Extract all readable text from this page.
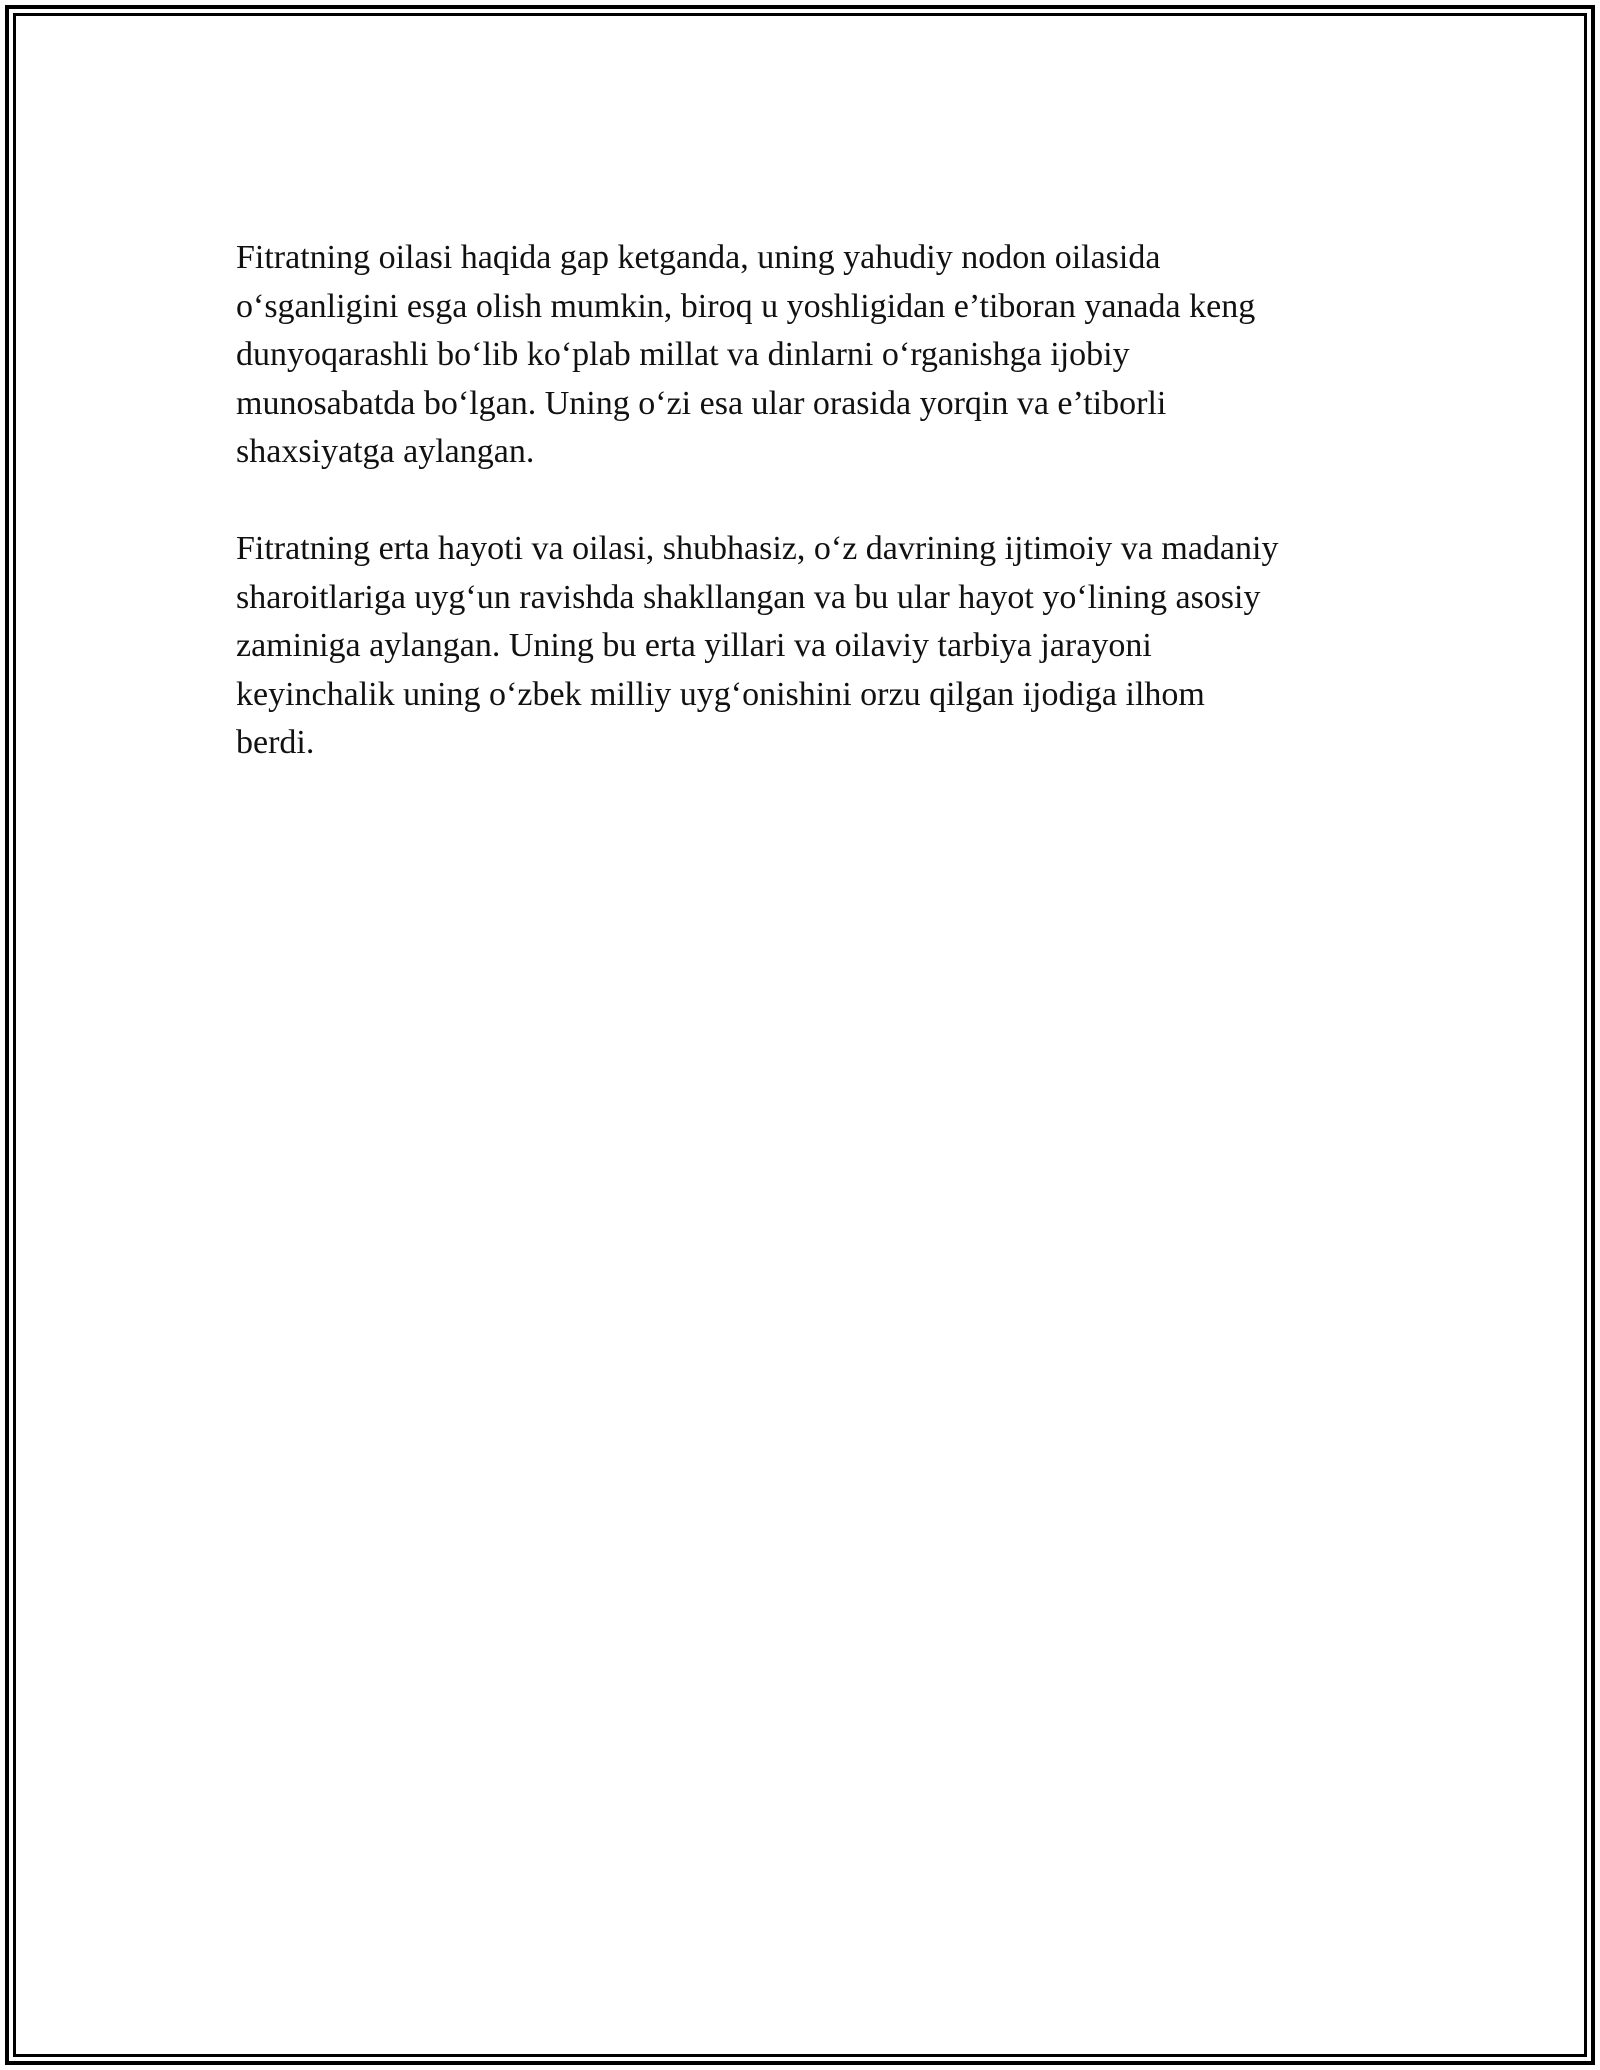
Fitratning oilasi haqida gap ketganda, uning yahudiy nodon oilasida
o‘sganligini esga olish mumkin, biroq u yoshligidan e’tiboran yanada keng
dunyoqarashli bo‘lib ko‘plab millat va dinlarni o‘rganishga ijobiy
munosabatda bo‘lgan. Uning o‘zi esa ular orasida yorqin va e’tiborli
shaxsiyatga aylangan.

Fitratning erta hayoti va oilasi, shubhasiz, o‘z davrining ijtimoiy va madaniy
sharoitlariga uyg‘un ravishda shakllangan va bu ular hayot yo‘lining asosiy
zaminiga aylangan. Uning bu erta yillari va oilaviy tarbiya jarayoni
keyinchalik uning o‘zbek milliy uyg‘onishini orzu qilgan ijodiga ilhom
berdi.
